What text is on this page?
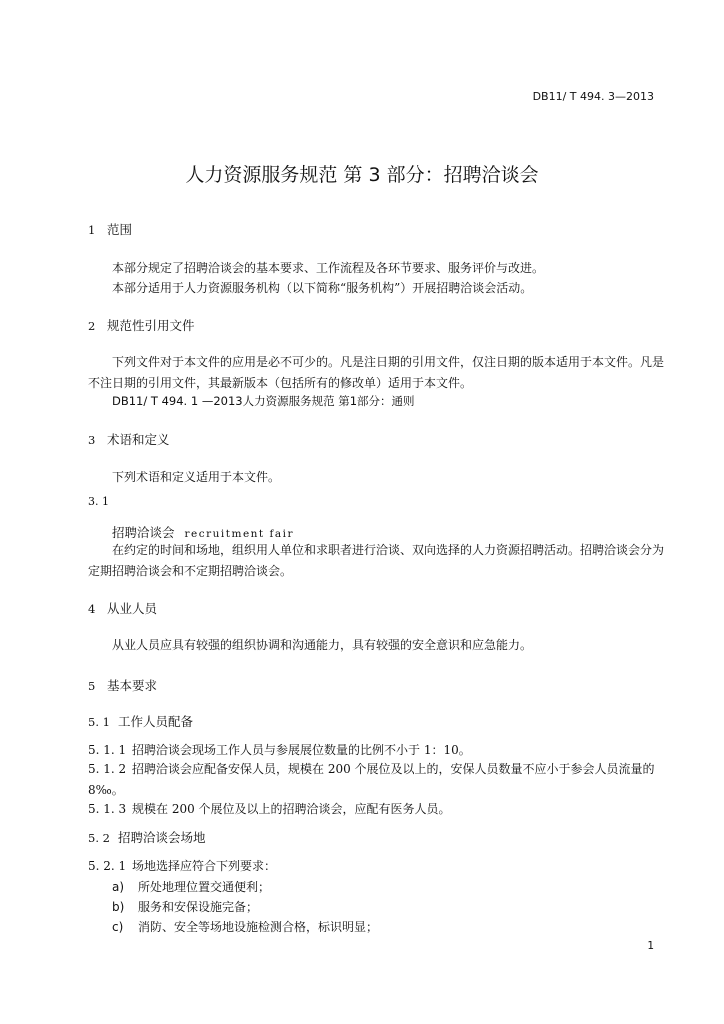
DB11/ T 494. 3—2013
人力资源服务规范 第 3 部分：招聘洽谈会
1 范围
本部分规定了招聘洽谈会的基本要求、工作流程及各环节要求、服务评价与改进。
本部分适用于人力资源服务机构（以下简称“服务机构”）开展招聘洽谈会活动。
2 规范性引用文件
下列文件对于本文件的应用是必不可少的。凡是注日期的引用文件，仅注日期的版本适用于本文件。凡是不注日期的引用文件，其最新版本（包括所有的修改单）适用于本文件。
DB11/ T 494. 1 —2013人力资源服务规范 第1部分：通则
3 术语和定义
下列术语和定义适用于本文件。
3. 1
招聘洽谈会 recruitment fair
在约定的时间和场地，组织用人单位和求职者进行洽谈、双向选择的人力资源招聘活动。招聘洽谈会分为定期招聘洽谈会和不定期招聘洽谈会。
4 从业人员
从业人员应具有较强的组织协调和沟通能力，具有较强的安全意识和应急能力。
5 基本要求
5. 1 工作人员配备
5. 1. 1 招聘洽谈会现场工作人员与参展展位数量的比例不小于 1：10。
5. 1. 2 招聘洽谈会应配备安保人员，规模在 200 个展位及以上的，安保人员数量不应小于参会人员流量的 8‰。
5. 1. 3 规模在 200 个展位及以上的招聘洽谈会，应配有医务人员。
5. 2 招聘洽谈会场地
5. 2. 1 场地选择应符合下列要求：
a) 所处地理位置交通便利；
b) 服务和安保设施完备；
c) 消防、安全等场地设施检测合格，标识明显；
1
